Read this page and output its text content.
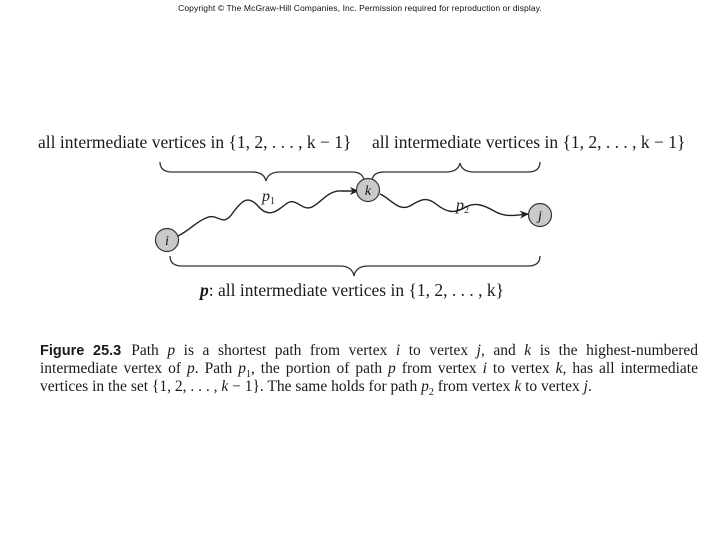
Copyright © The McGraw-Hill Companies, Inc. Permission required for reproduction or display.
all intermediate vertices in {1, 2, . . . , k − 1} all intermediate vertices in {1, 2, . . . , k − 1}
p1	p2
i
k
j
p: all intermediate vertices in {1, 2, . . . , k}
Figure 25.3 Path p is a shortest path from vertex i to vertex j, and k is the highest-numbered intermediate vertex of p. Path $p_1$, the portion of path p from vertex i to vertex k, has all intermediate vertices in the set {1, 2, . . . , k − 1}. The same holds for path $p_2$ from vertex k to vertex j.
